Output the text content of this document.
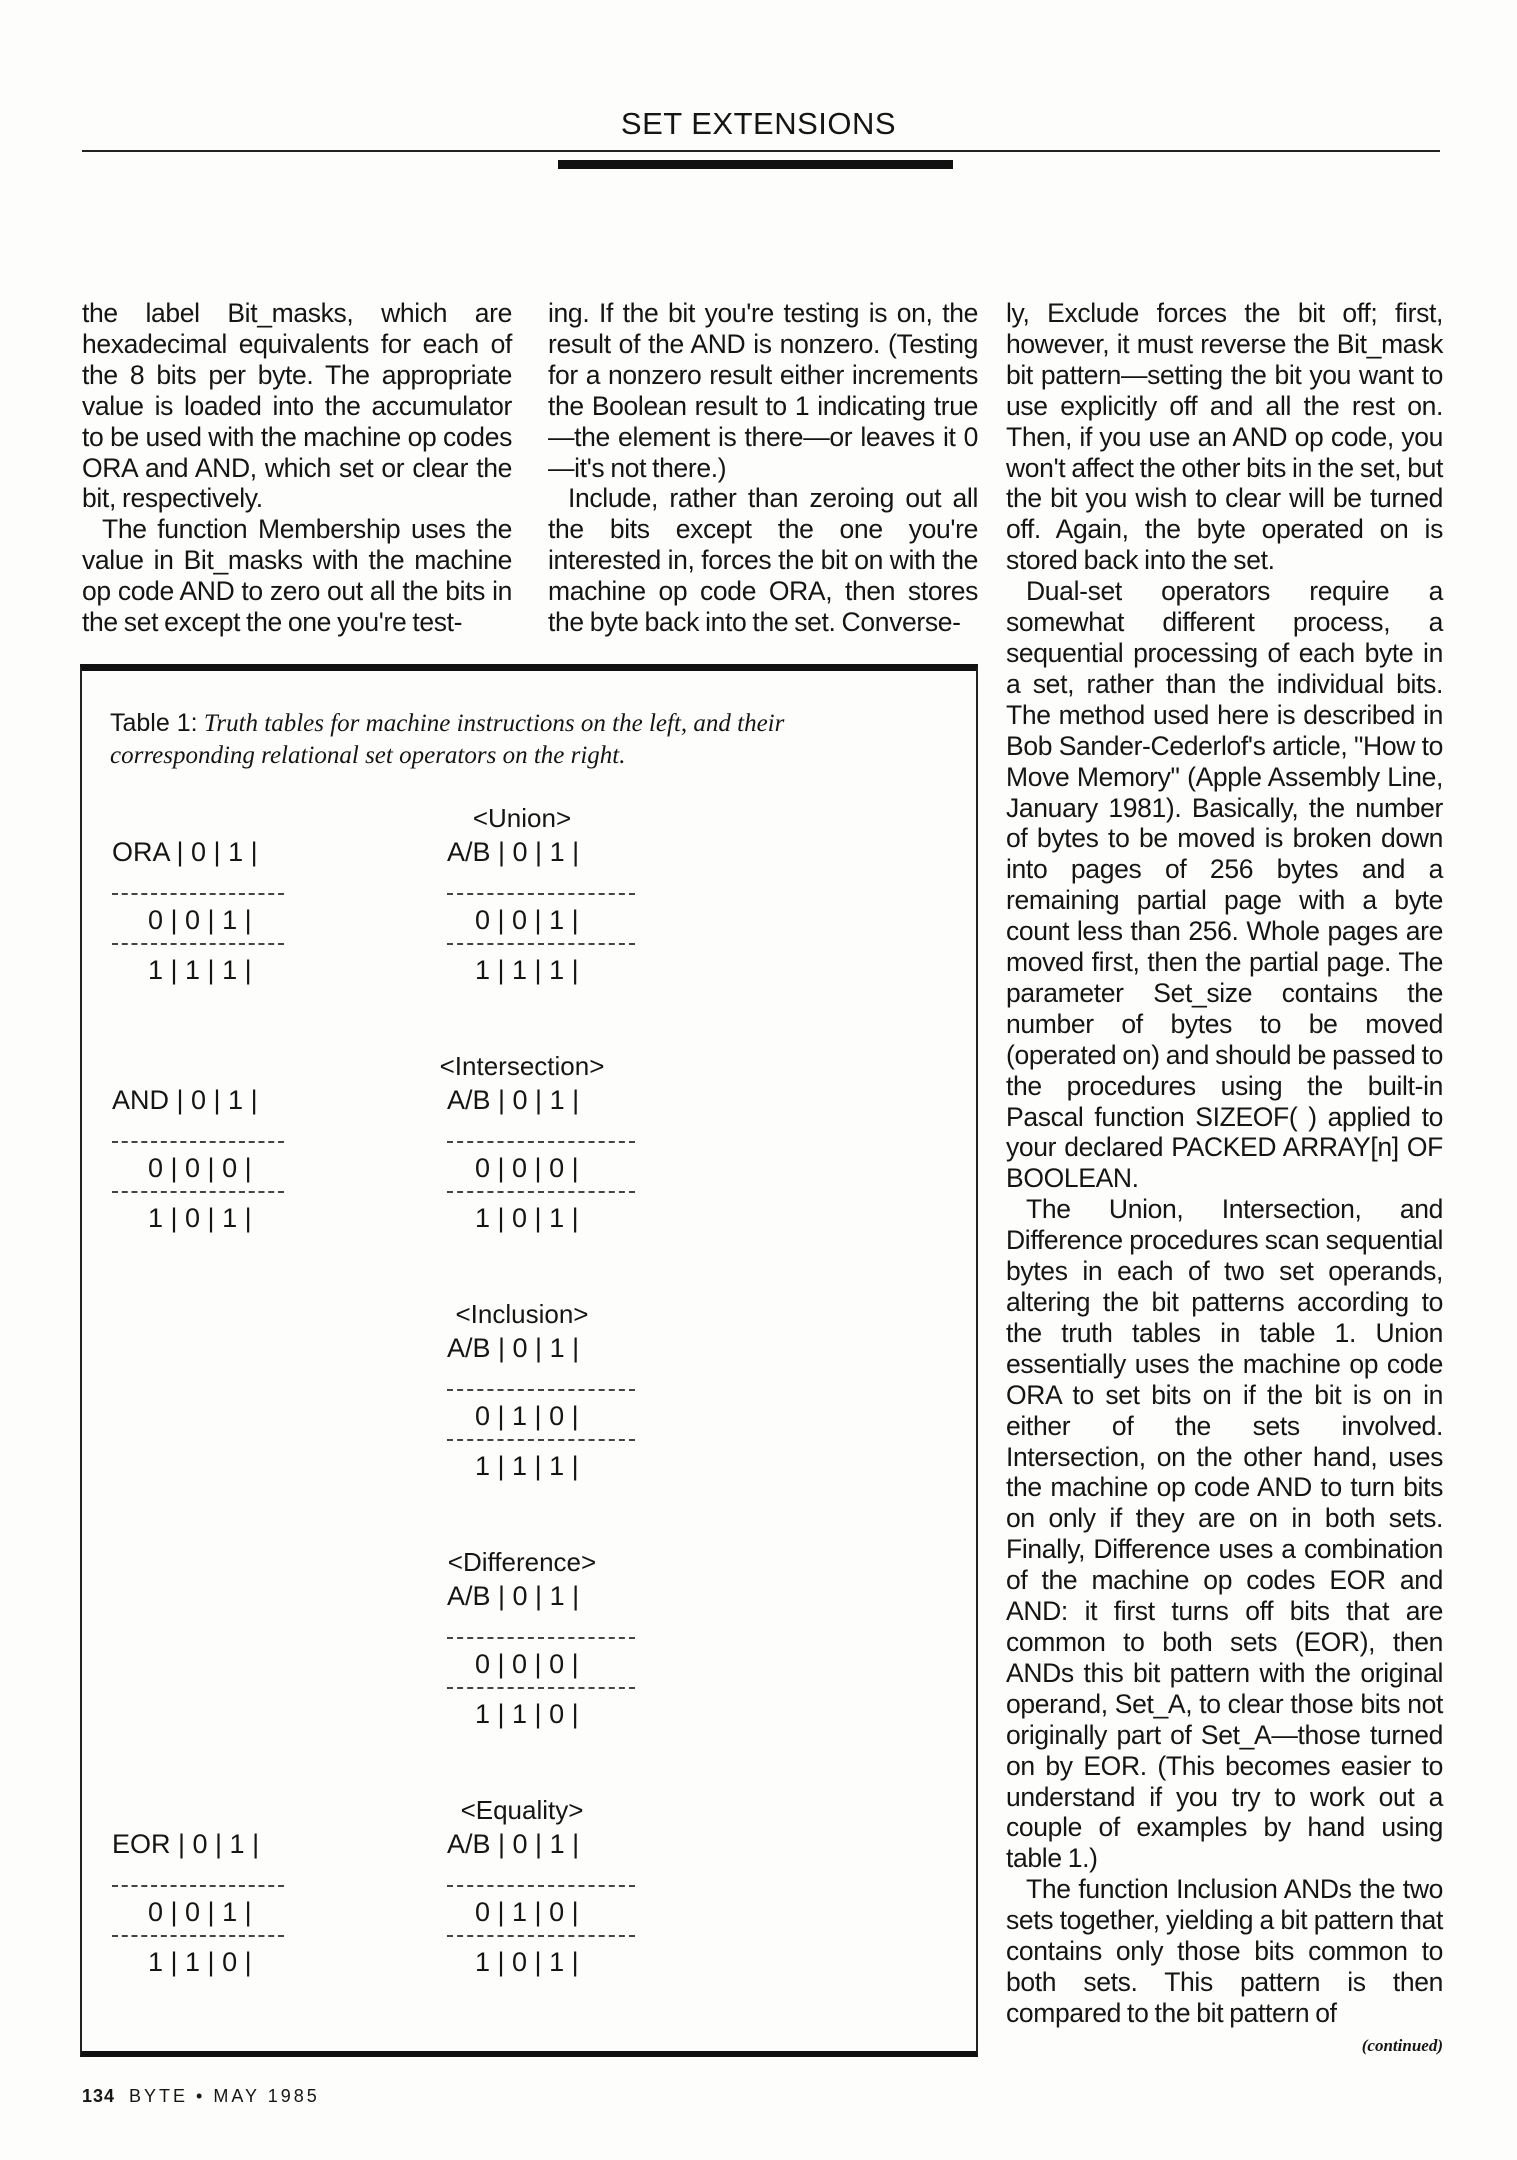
SET EXTENSIONS

the label Bit_masks, which are hexadecimal equivalents for each of the 8 bits per byte. The appropriate value is loaded into the accumulator to be used with the machine op codes ORA and AND, which set or clear the bit, respectively.

The function Membership uses the value in Bit_masks with the machine op code AND to zero out all the bits in the set except the one you're test-

ing. If the bit you're testing is on, the result of the AND is nonzero. (Testing for a nonzero result either increments the Boolean result to 1 indicating true—the element is there—or leaves it 0—it's not there.)

Include, rather than zeroing out all the bits except the one you're interested in, forces the bit on with the machine op code ORA, then stores the byte back into the set. Converse-

Table 1: Truth tables for machine instructions on the left, and their corresponding relational set operators on the right.
<Union>
ORA | 0 | 1 |
0 | 0 | 1 |
1 | 1 | 1 |
A/B | 0 | 1 |
0 | 0 | 1 |
1 | 1 | 1 |
<Intersection>
AND | 0 | 1 |
0 | 0 | 0 |
1 | 0 | 1 |
A/B | 0 | 1 |
0 | 0 | 0 |
1 | 0 | 1 |
<Inclusion>
A/B | 0 | 1 |
0 | 1 | 0 |
1 | 1 | 1 |
<Difference>
A/B | 0 | 1 |
0 | 0 | 0 |
1 | 1 | 0 |
<Equality>
EOR | 0 | 1 |
0 | 0 | 1 |
1 | 1 | 0 |
A/B | 0 | 1 |
0 | 1 | 0 |
1 | 0 | 1 |

ly, Exclude forces the bit off; first, however, it must reverse the Bit_mask bit pattern—setting the bit you want to use explicitly off and all the rest on. Then, if you use an AND op code, you won't affect the other bits in the set, but the bit you wish to clear will be turned off. Again, the byte operated on is stored back into the set.

Dual-set operators require a somewhat different process, a sequential processing of each byte in a set, rather than the individual bits. The method used here is described in Bob Sander-Cederlof's article, "How to Move Memory" (Apple Assembly Line, January 1981). Basically, the number of bytes to be moved is broken down into pages of 256 bytes and a remaining partial page with a byte count less than 256. Whole pages are moved first, then the partial page. The parameter Set_size contains the number of bytes to be moved (operated on) and should be passed to the procedures using the built-in Pascal function SIZEOF( ) applied to your declared PACKED ARRAY[n] OF BOOLEAN.

The Union, Intersection, and Difference procedures scan sequential bytes in each of two set operands, altering the bit patterns according to the truth tables in table 1. Union essentially uses the machine op code ORA to set bits on if the bit is on in either of the sets involved. Intersection, on the other hand, uses the machine op code AND to turn bits on only if they are on in both sets. Finally, Difference uses a combination of the machine op codes EOR and AND: it first turns off bits that are common to both sets (EOR), then ANDs this bit pattern with the original operand, Set_A, to clear those bits not originally part of Set_A—those turned on by EOR. (This becomes easier to understand if you try to work out a couple of examples by hand using table 1.)

The function Inclusion ANDs the two sets together, yielding a bit pattern that contains only those bits common to both sets. This pattern is then compared to the bit pattern of

(continued)
134 BYTE • MAY 1985
